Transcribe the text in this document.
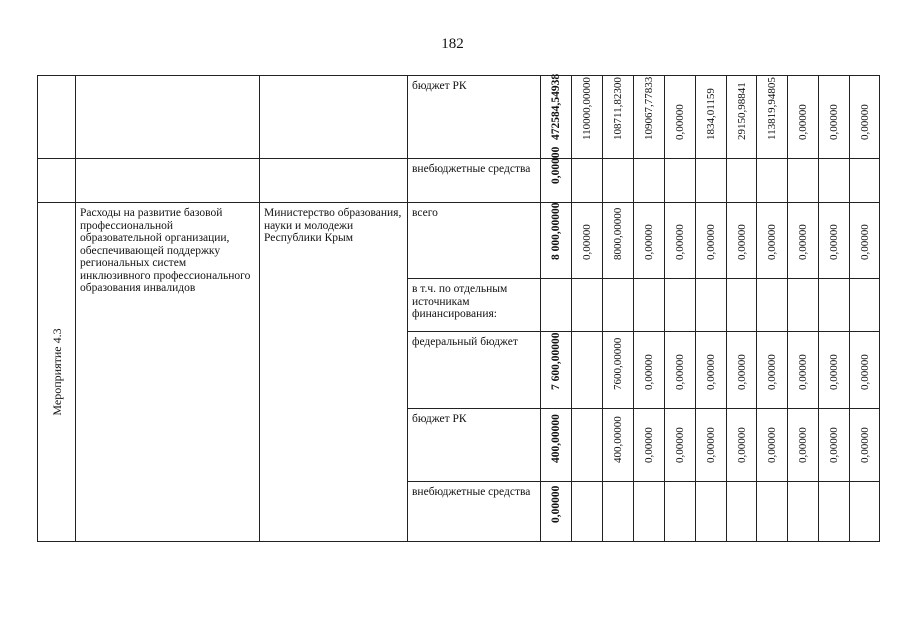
182
			бюджет РК	472584,54938	110000,00000	108711,82300	109067,77833	0,00000	1834,01159	29150,98841	113819,94805	0,00000	0,00000	0,00000

			внебюджетные средства	0,00000										

Мероприятие 4.3	Расходы на развитие базовой профессиональной образовательной организации, обеспечивающей поддержку региональных систем инклюзивного профессионального образования инвалидов	Министерство образования, науки и молодежи Республики Крым	всего	8 000,00000	0,00000	8000,00000	0,00000	0,00000	0,00000	0,00000	0,00000	0,00000	0,00000	0,00000

			в т.ч. по отдельным источникам финансирования:	

			федеральный бюджет	7 600,00000		7600,00000	0,00000	0,00000	0,00000	0,00000	0,00000	0,00000	0,00000	0,00000

			бюджет РК	400,00000		400,00000	0,00000	0,00000	0,00000	0,00000	0,00000	0,00000	0,00000	0,00000

			внебюджетные средства	0,00000										
